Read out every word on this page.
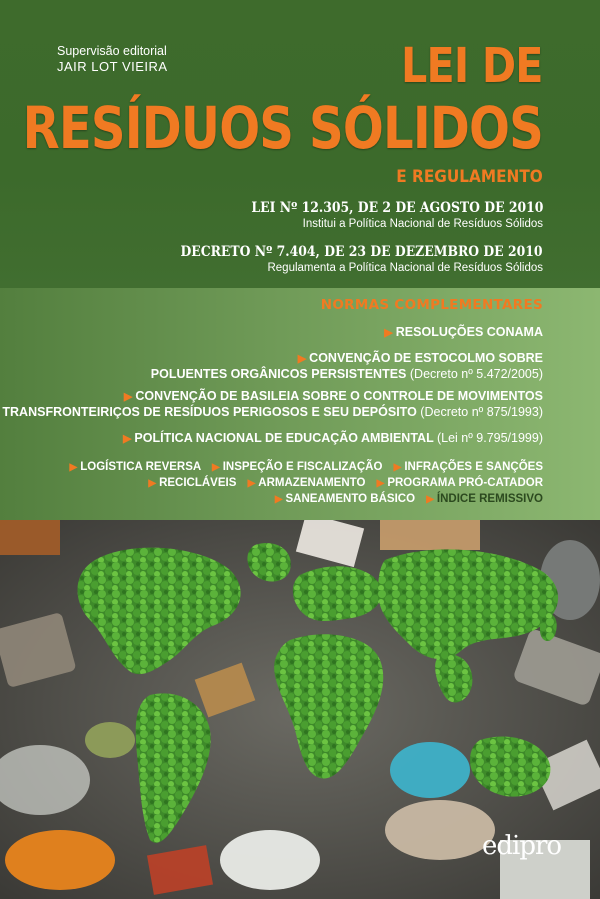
Supervisão editorial
JAIR LOT VIEIRA	LEI DE
RESÍDUOS SÓLIDOS
E REGULAMENTO
LEI Nº 12.305, DE 2 DE AGOSTO DE 2010
Institui a Política Nacional de Resíduos Sólidos
DECRETO Nº 7.404, DE 23 DE DEZEMBRO DE 2010
Regulamenta a Política Nacional de Resíduos Sólidos
NORMAS COMPLEMENTARES
▶ RESOLUÇÕES CONAMA
▶ CONVENÇÃO DE ESTOCOLMO SOBRE
POLUENTES ORGÂNICOS PERSISTENTES (Decreto nº 5.472/2005)
▶ CONVENÇÃO DE BASILEIA SOBRE O CONTROLE DE MOVIMENTOS
TRANSFRONTEIRIÇOS DE RESÍDUOS PERIGOSOS E SEU DEPÓSITO (Decreto nº 875/1993)
▶ POLÍTICA NACIONAL DE EDUCAÇÃO AMBIENTAL (Lei nº 9.795/1999)
▶ LOGÍSTICA REVERSA ▶ INSPEÇÃO E FISCALIZAÇÃO ▶ INFRAÇÕES E SANÇÕES
▶ RECICLÁVEIS ▶ ARMAZENAMENTO ▶ PROGRAMA PRÓ-CATADOR
▶ SANEAMENTO BÁSICO ▶ ÍNDICE REMISSIVO
edipro
